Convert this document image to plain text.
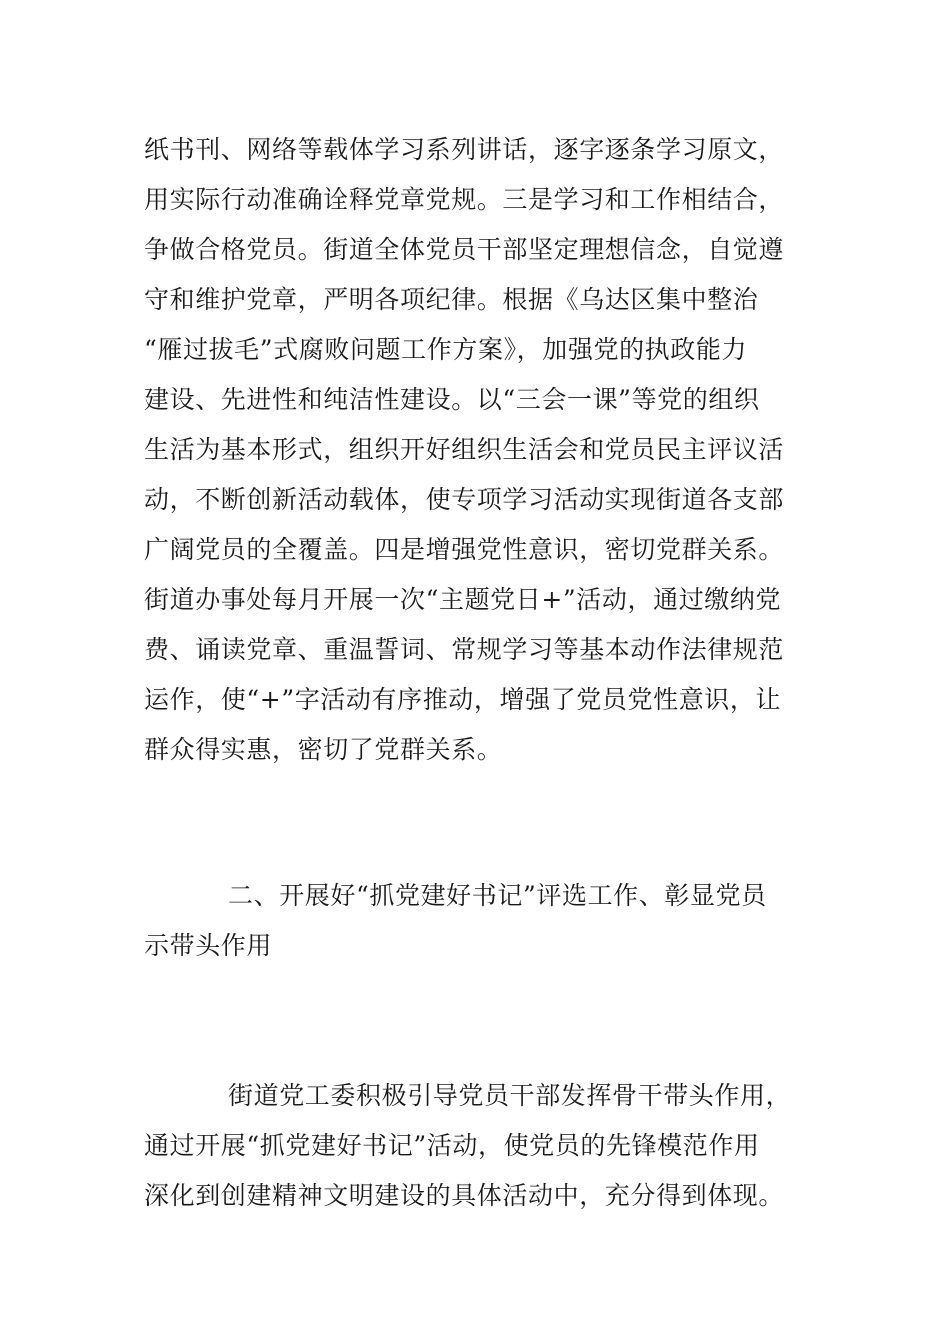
纸书刊、网络等载体学习系列讲话，逐字逐条学习原文，
用实际行动准确诠释党章党规。三是学习和工作相结合，
争做合格党员。街道全体党员干部坚定理想信念，自觉遵
守和维护党章，严明各项纪律。根据《乌达区集中整治
“雁过拔毛”式腐败问题工作方案》，加强党的执政能力
建设、先进性和纯洁性建设。以“三会一课”等党的组织
生活为基本形式，组织开好组织生活会和党员民主评议活
动，不断创新活动载体，使专项学习活动实现街道各支部
广阔党员的全覆盖。四是增强党性意识，密切党群关系。
街道办事处每月开展一次“主题党日+”活动，通过缴纳党
费、诵读党章、重温誓词、常规学习等基本动作法律规范
运作，使“+”字活动有序推动，增强了党员党性意识，让
群众得实惠，密切了党群关系。
二、开展好“抓党建好书记”评选工作、彰显党员
示带头作用
街道党工委积极引导党员干部发挥骨干带头作用，
通过开展“抓党建好书记”活动，使党员的先锋模范作用
深化到创建精神文明建设的具体活动中，充分得到体现。
